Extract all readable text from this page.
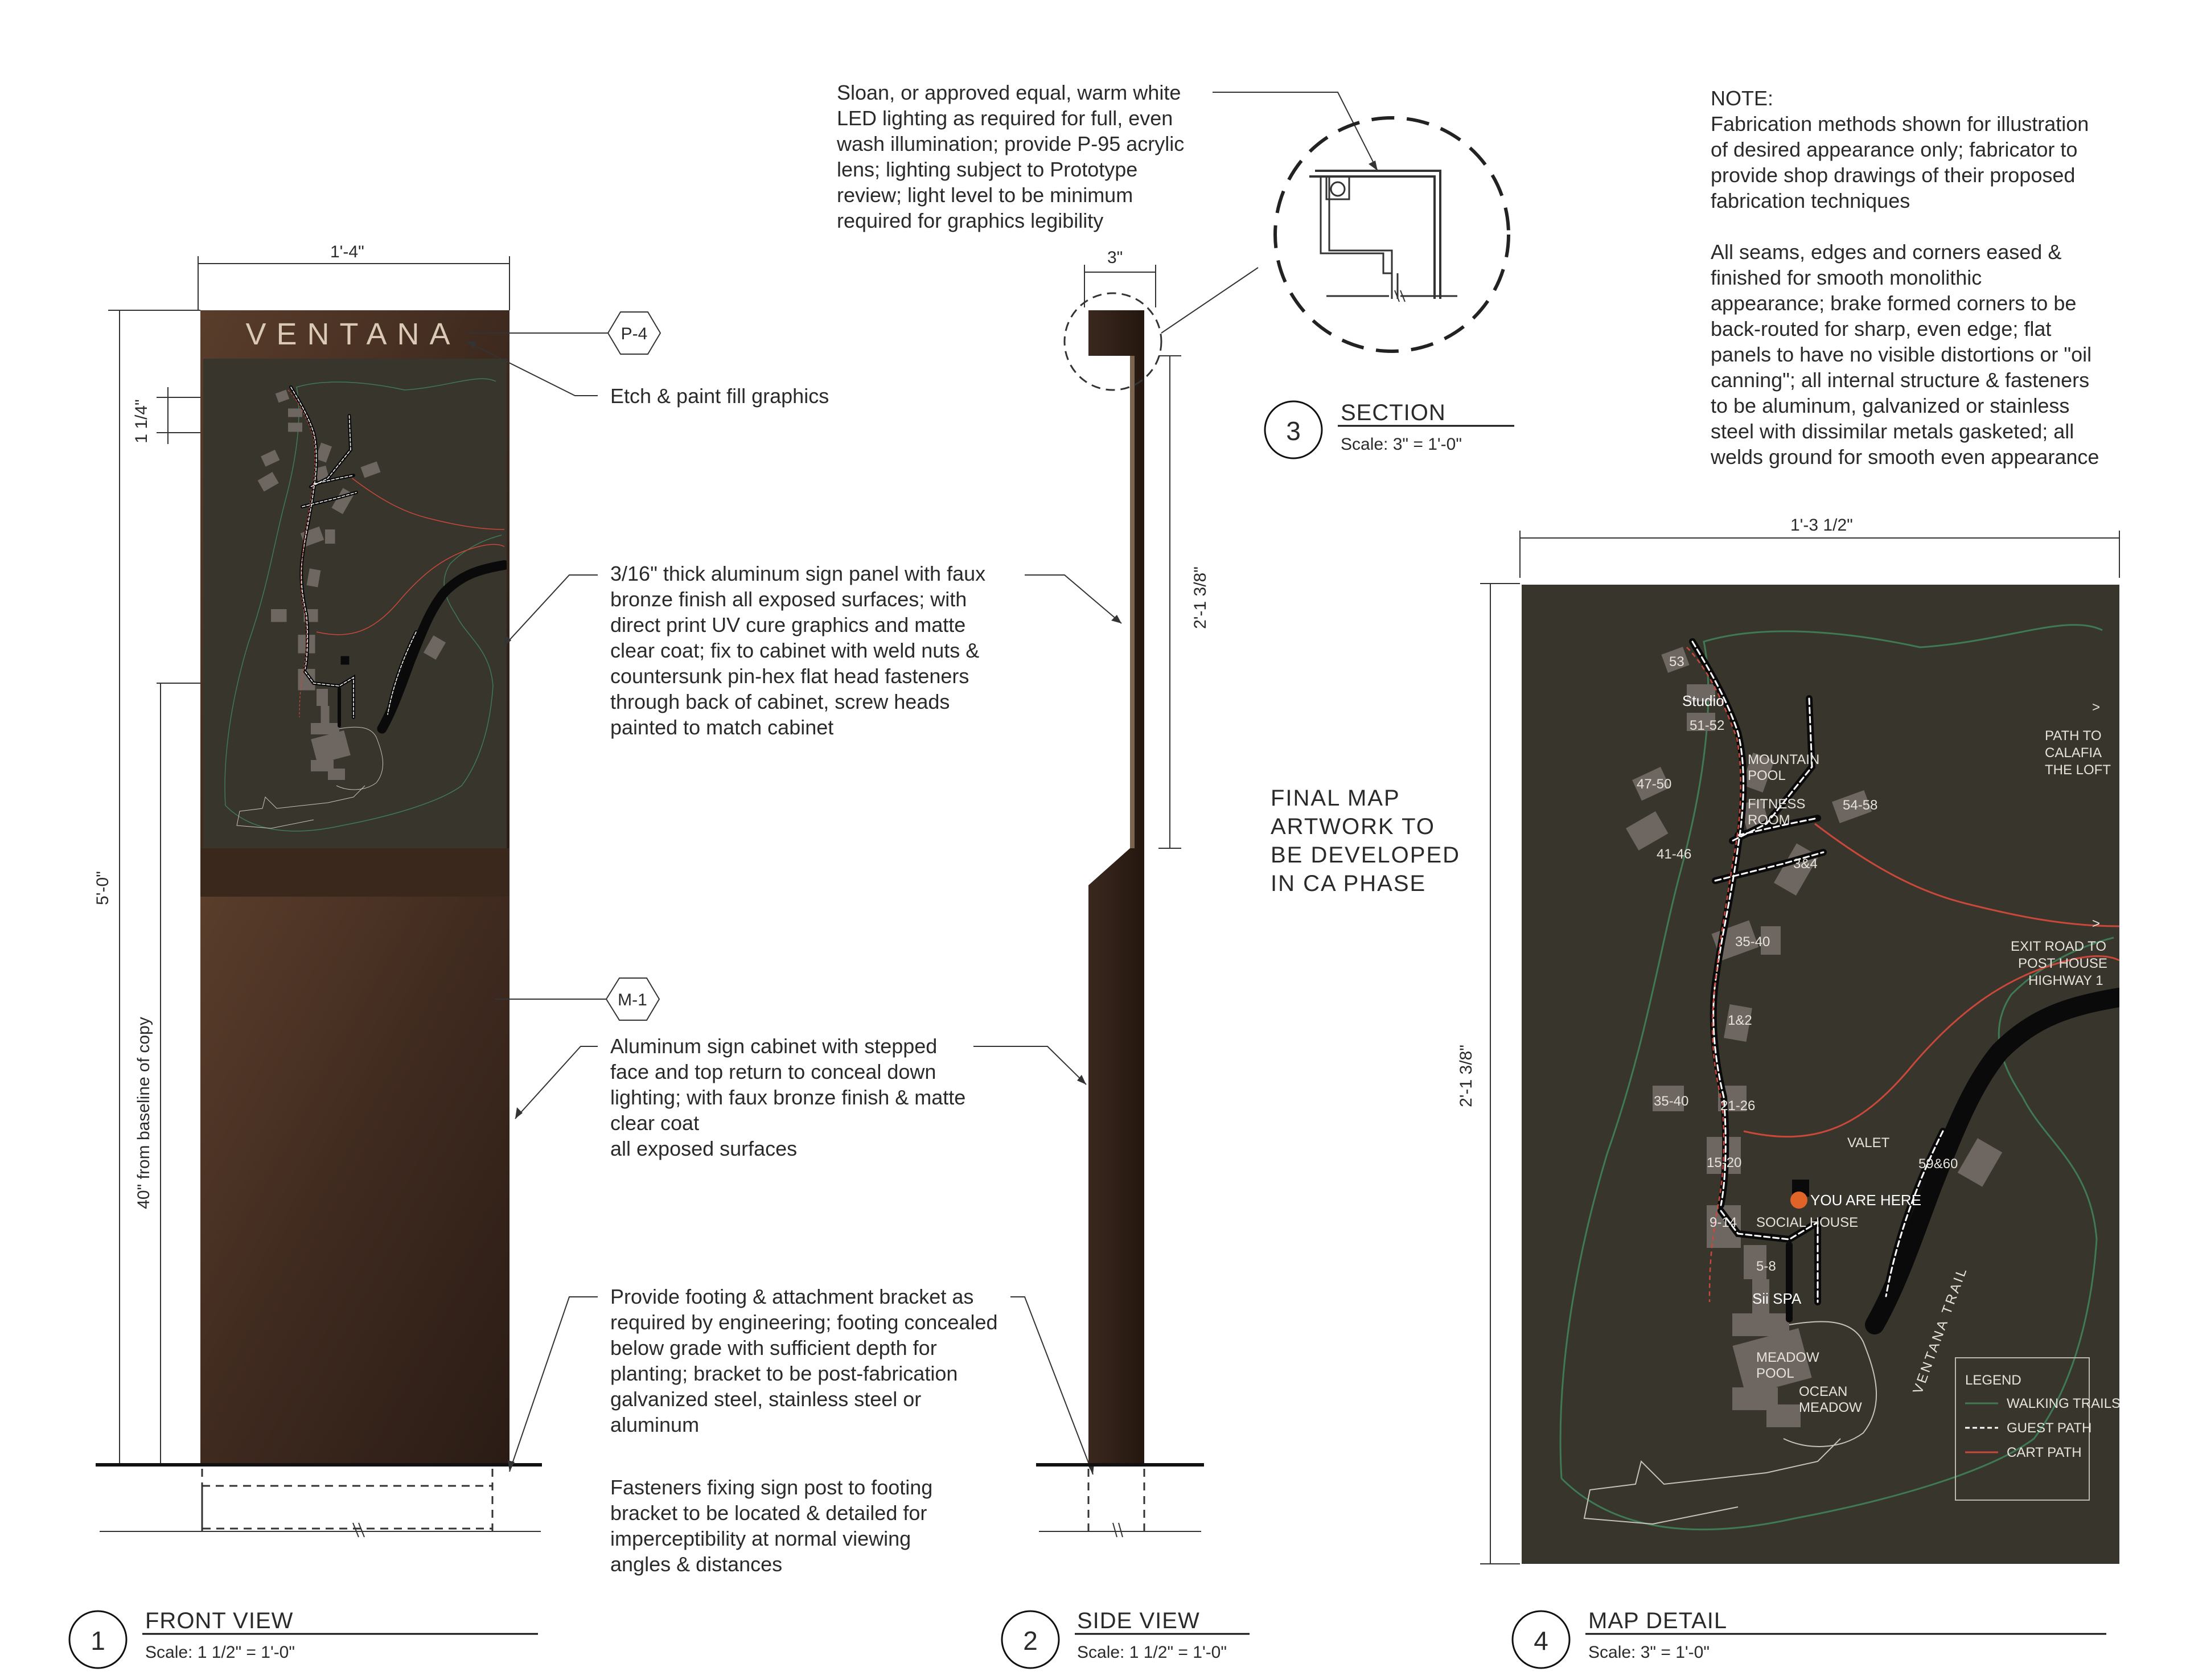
1'-4"
VENTANA
5'-0"
1 1/4"
40" from baseline of copy
P-4
M-1
1
FRONT VIEW
Scale: 1 1/2" = 1'-0"
Sloan, or approved equal, warm white
LED lighting as required for full, even
wash illumination; provide P-95 acrylic
lens; lighting subject to Prototype
review; light level to be minimum
required for graphics legibility
Etch & paint fill graphics
3/16" thick aluminum sign panel with faux
bronze finish all exposed surfaces; with
direct print UV cure graphics and matte
clear coat; fix to cabinet with weld nuts &
countersunk pin-hex flat head fasteners
through back of cabinet, screw heads
painted to match cabinet
Aluminum sign cabinet with stepped
face and top return to conceal down
lighting; with faux bronze finish & matte
clear coat
all exposed surfaces
Provide footing & attachment bracket as
required by engineering; footing concealed
below grade with sufficient depth for
planting; bracket to be post-fabrication
galvanized steel, stainless steel or
aluminum
Fasteners fixing sign post to footing
bracket to be located & detailed for
imperceptibility at normal viewing
angles & distances
FINAL MAP
ARTWORK TO
BE DEVELOPED
IN CA PHASE
3"
2'-1 3/8"
2
SIDE VIEW
Scale: 1 1/2" = 1'-0"
3
SECTION
Scale: 3" = 1'-0"
NOTE:
Fabrication methods shown for illustration
of desired appearance only; fabricator to
provide shop drawings of their proposed
fabrication techniques
All seams, edges and corners eased &
finished for smooth monolithic
appearance; brake formed corners to be
back-routed for sharp, even edge; flat
panels to have no visible distortions or "oil
canning"; all internal structure & fasteners
to be aluminum, galvanized or stainless
steel with dissimilar metals gasketed; all
welds ground for smooth even appearance
1'-3 1/2"
2'-1 3/8"
53
Studio
51-52
MOUNTAIN
POOL
47-50
FITNESS
ROOM
54-58
41-46
3&4
35-40
1&2
35-40 21-26
15-20
VALET
59&60
YOU ARE HERE
9-14 SOCIAL HOUSE
5-8
Sii SPA
MEADOW
POOL
OCEAN
MEADOW
VENTANA TRAIL
>
PATH TO
CALAFIA
THE LOFT
>
EXIT ROAD TO
POST HOUSE
HIGHWAY 1
LEGEND
WALKING TRAILS
GUEST PATH
CART PATH
4
MAP DETAIL
Scale: 3" = 1'-0"
